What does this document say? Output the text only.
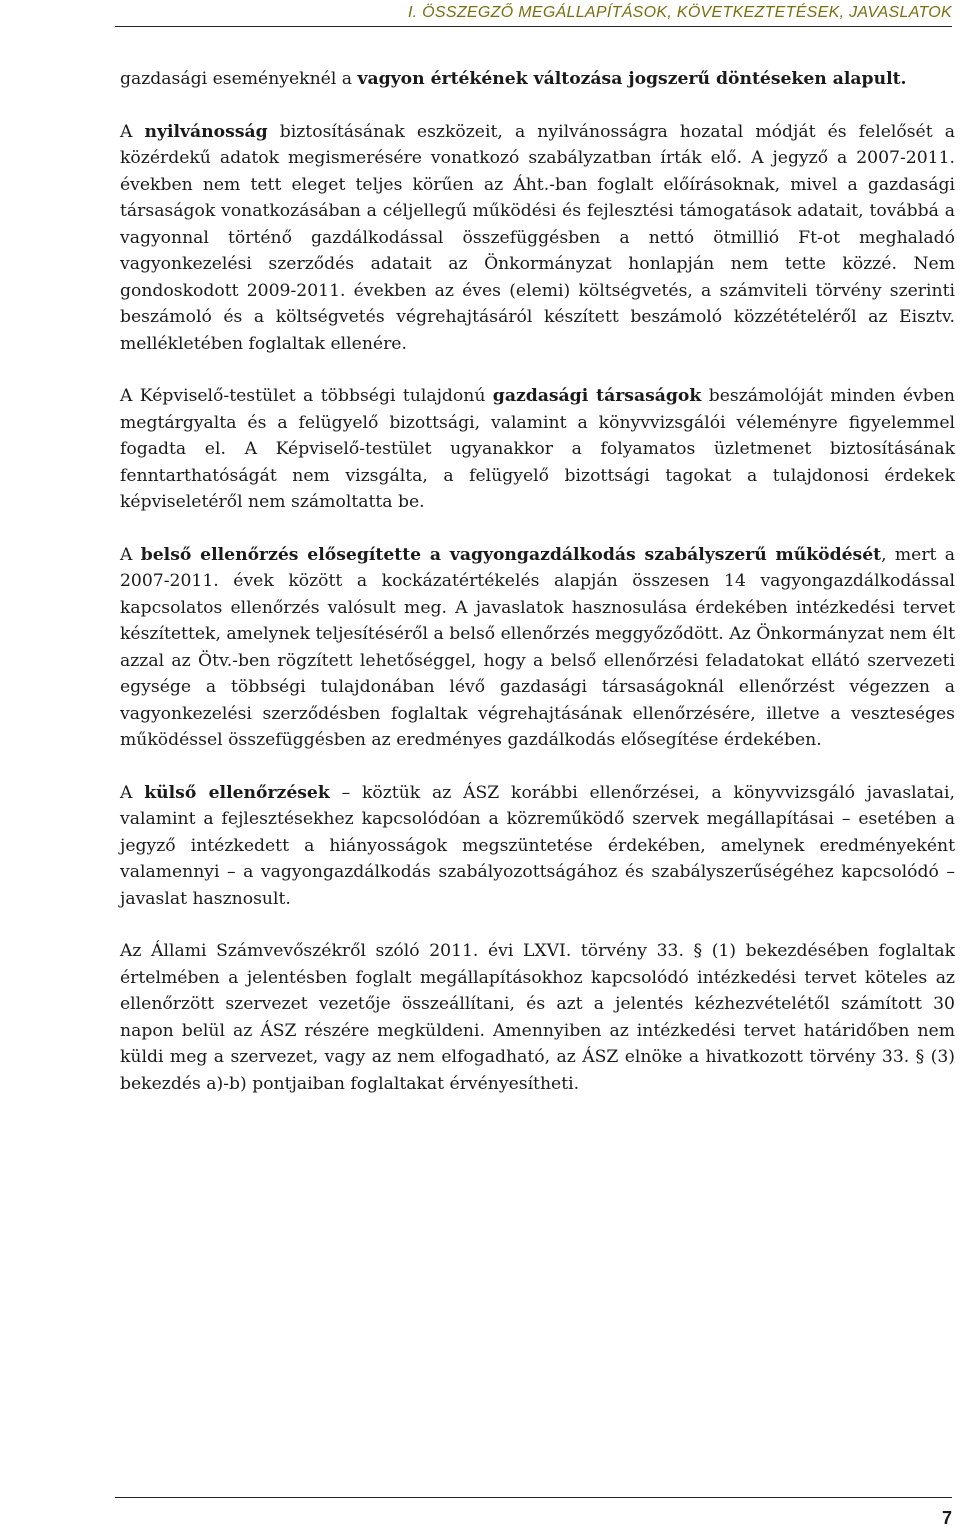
I. ÖSSZEGZŐ MEGÁLLAPÍTÁSOK, KÖVETKEZTETÉSEK, JAVASLATOK

gazdasági eseményeknél a vagyon értékének változása jogszerű döntéseken alapult.

A nyilvánosság biztosításának eszközeit, a nyilvánosságra hozatal módját és felelősét a közérdekű adatok megismerésére vonatkozó szabályzatban írták elő. A jegyző a 2007-2011. években nem tett eleget teljes körűen az Áht.-ban foglalt előírásoknak, mivel a gazdasági társaságok vonatkozásában a céljellegű működési és fejlesztési támogatások adatait, továbbá a vagyonnal történő gazdálkodással összefüggésben a nettó ötmillió Ft-ot meghaladó vagyonkezelési szerződés adatait az Önkormányzat honlapján nem tette közzé. Nem gondoskodott 2009-2011. években az éves (elemi) költségvetés, a számviteli törvény szerinti beszámoló és a költségvetés végrehajtásáról készített beszámoló közzétételéről az Eisztv. mellékletében foglaltak ellenére.

A Képviselő-testület a többségi tulajdonú gazdasági társaságok beszámolóját minden évben megtárgyalta és a felügyelő bizottsági, valamint a könyvvizsgálói véleményre figyelemmel fogadta el. A Képviselő-testület ugyanakkor a folyamatos üzletmenet biztosításának fenntarthatóságát nem vizsgálta, a felügyelő bizottsági tagokat a tulajdonosi érdekek képviseletéről nem számoltatta be.

A belső ellenőrzés elősegítette a vagyongazdálkodás szabályszerű működését, mert a 2007-2011. évek között a kockázatértékelés alapján összesen 14 vagyongazdálkodással kapcsolatos ellenőrzés valósult meg. A javaslatok hasznosulása érdekében intézkedési tervet készítettek, amelynek teljesítéséről a belső ellenőrzés meggyőződött. Az Önkormányzat nem élt azzal az Ötv.-ben rögzített lehetőséggel, hogy a belső ellenőrzési feladatokat ellátó szervezeti egysége a többségi tulajdonában lévő gazdasági társaságoknál ellenőrzést végezzen a vagyonkezelési szerződésben foglaltak végrehajtásának ellenőrzésére, illetve a veszteséges működéssel összefüggésben az eredményes gazdálkodás elősegítése érdekében.

A külső ellenőrzések – köztük az ÁSZ korábbi ellenőrzései, a könyvvizsgáló javaslatai, valamint a fejlesztésekhez kapcsolódóan a közreműködő szervek megállapításai – esetében a jegyző intézkedett a hiányosságok megszüntetése érdekében, amelynek eredményeként valamennyi – a vagyongazdálkodás szabályozottságához és szabályszerűségéhez kapcsolódó – javaslat hasznosult.

Az Állami Számvevőszékről szóló 2011. évi LXVI. törvény 33. § (1) bekezdésében foglaltak értelmében a jelentésben foglalt megállapításokhoz kapcsolódó intézkedési tervet köteles az ellenőrzött szervezet vezetője összeállítani, és azt a jelentés kézhezvételétől számított 30 napon belül az ÁSZ részére megküldeni. Amennyiben az intézkedési tervet határidőben nem küldi meg a szervezet, vagy az nem elfogadható, az ÁSZ elnöke a hivatkozott törvény 33. § (3) bekezdés a)-b) pontjaiban foglaltakat érvényesítheti.

7
